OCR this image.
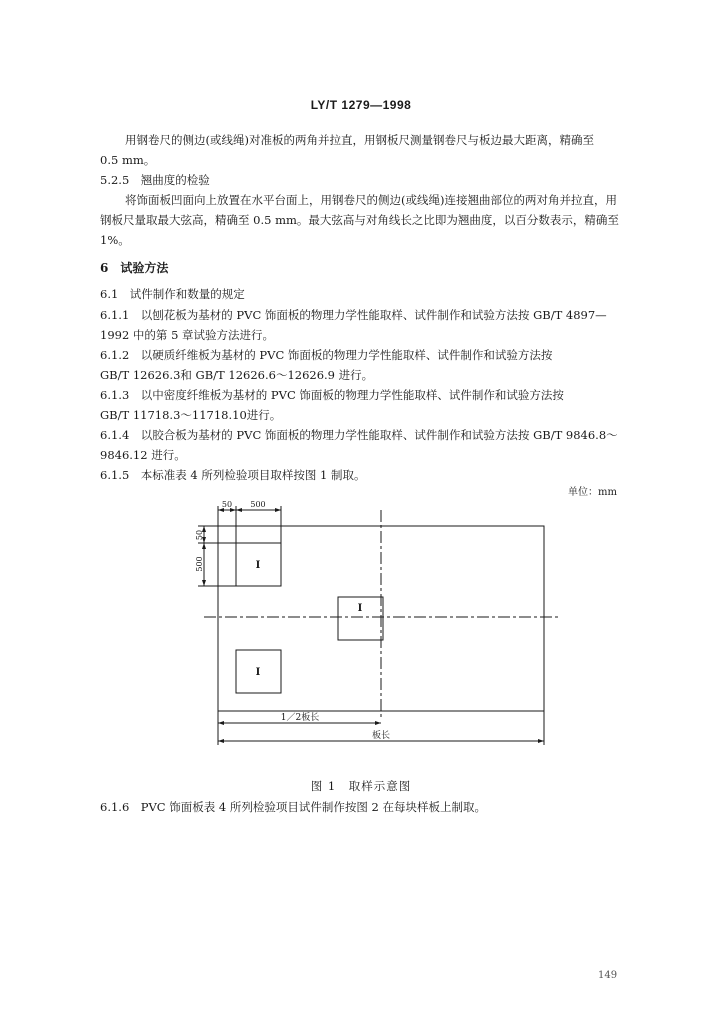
LY/T 1279—1998
用钢卷尺的侧边(或线绳)对准板的两角并拉直，用钢板尺测量钢卷尺与板边最大距离，精确至
0.5 mm。
5.2.5　翘曲度的检验
将饰面板凹面向上放置在水平台面上，用钢卷尺的侧边(或线绳)连接翘曲部位的两对角并拉直，用
钢板尺量取最大弦高，精确至 0.5 mm。最大弦高与对角线长之比即为翘曲度，以百分数表示，精确至
1%。
6　试验方法
6.1　试件制作和数量的规定
6.1.1　以刨花板为基材的 PVC 饰面板的物理力学性能取样、试件制作和试验方法按 GB/T 4897—
1992 中的第 5 章试验方法进行。
6.1.2　以硬质纤维板为基材的 PVC 饰面板的物理力学性能取样、试件制作和试验方法按
GB/T 12626.3和 GB/T 12626.6～12626.9 进行。
6.1.3　以中密度纤维板为基材的 PVC 饰面板的物理力学性能取样、试件制作和试验方法按
GB/T 11718.3～11718.10进行。
6.1.4　以胶合板为基材的 PVC 饰面板的物理力学性能取样、试件制作和试验方法按 GB/T 9846.8～
9846.12 进行。
6.1.5　本标准表 4 所列检验项目取样按图 1 制取。
单位：mm
50 500
50
500	I
I
I
1／2板长
板长
图 1　取样示意图
6.1.6　PVC 饰面板表 4 所列检验项目试件制作按图 2 在每块样板上制取。
149
